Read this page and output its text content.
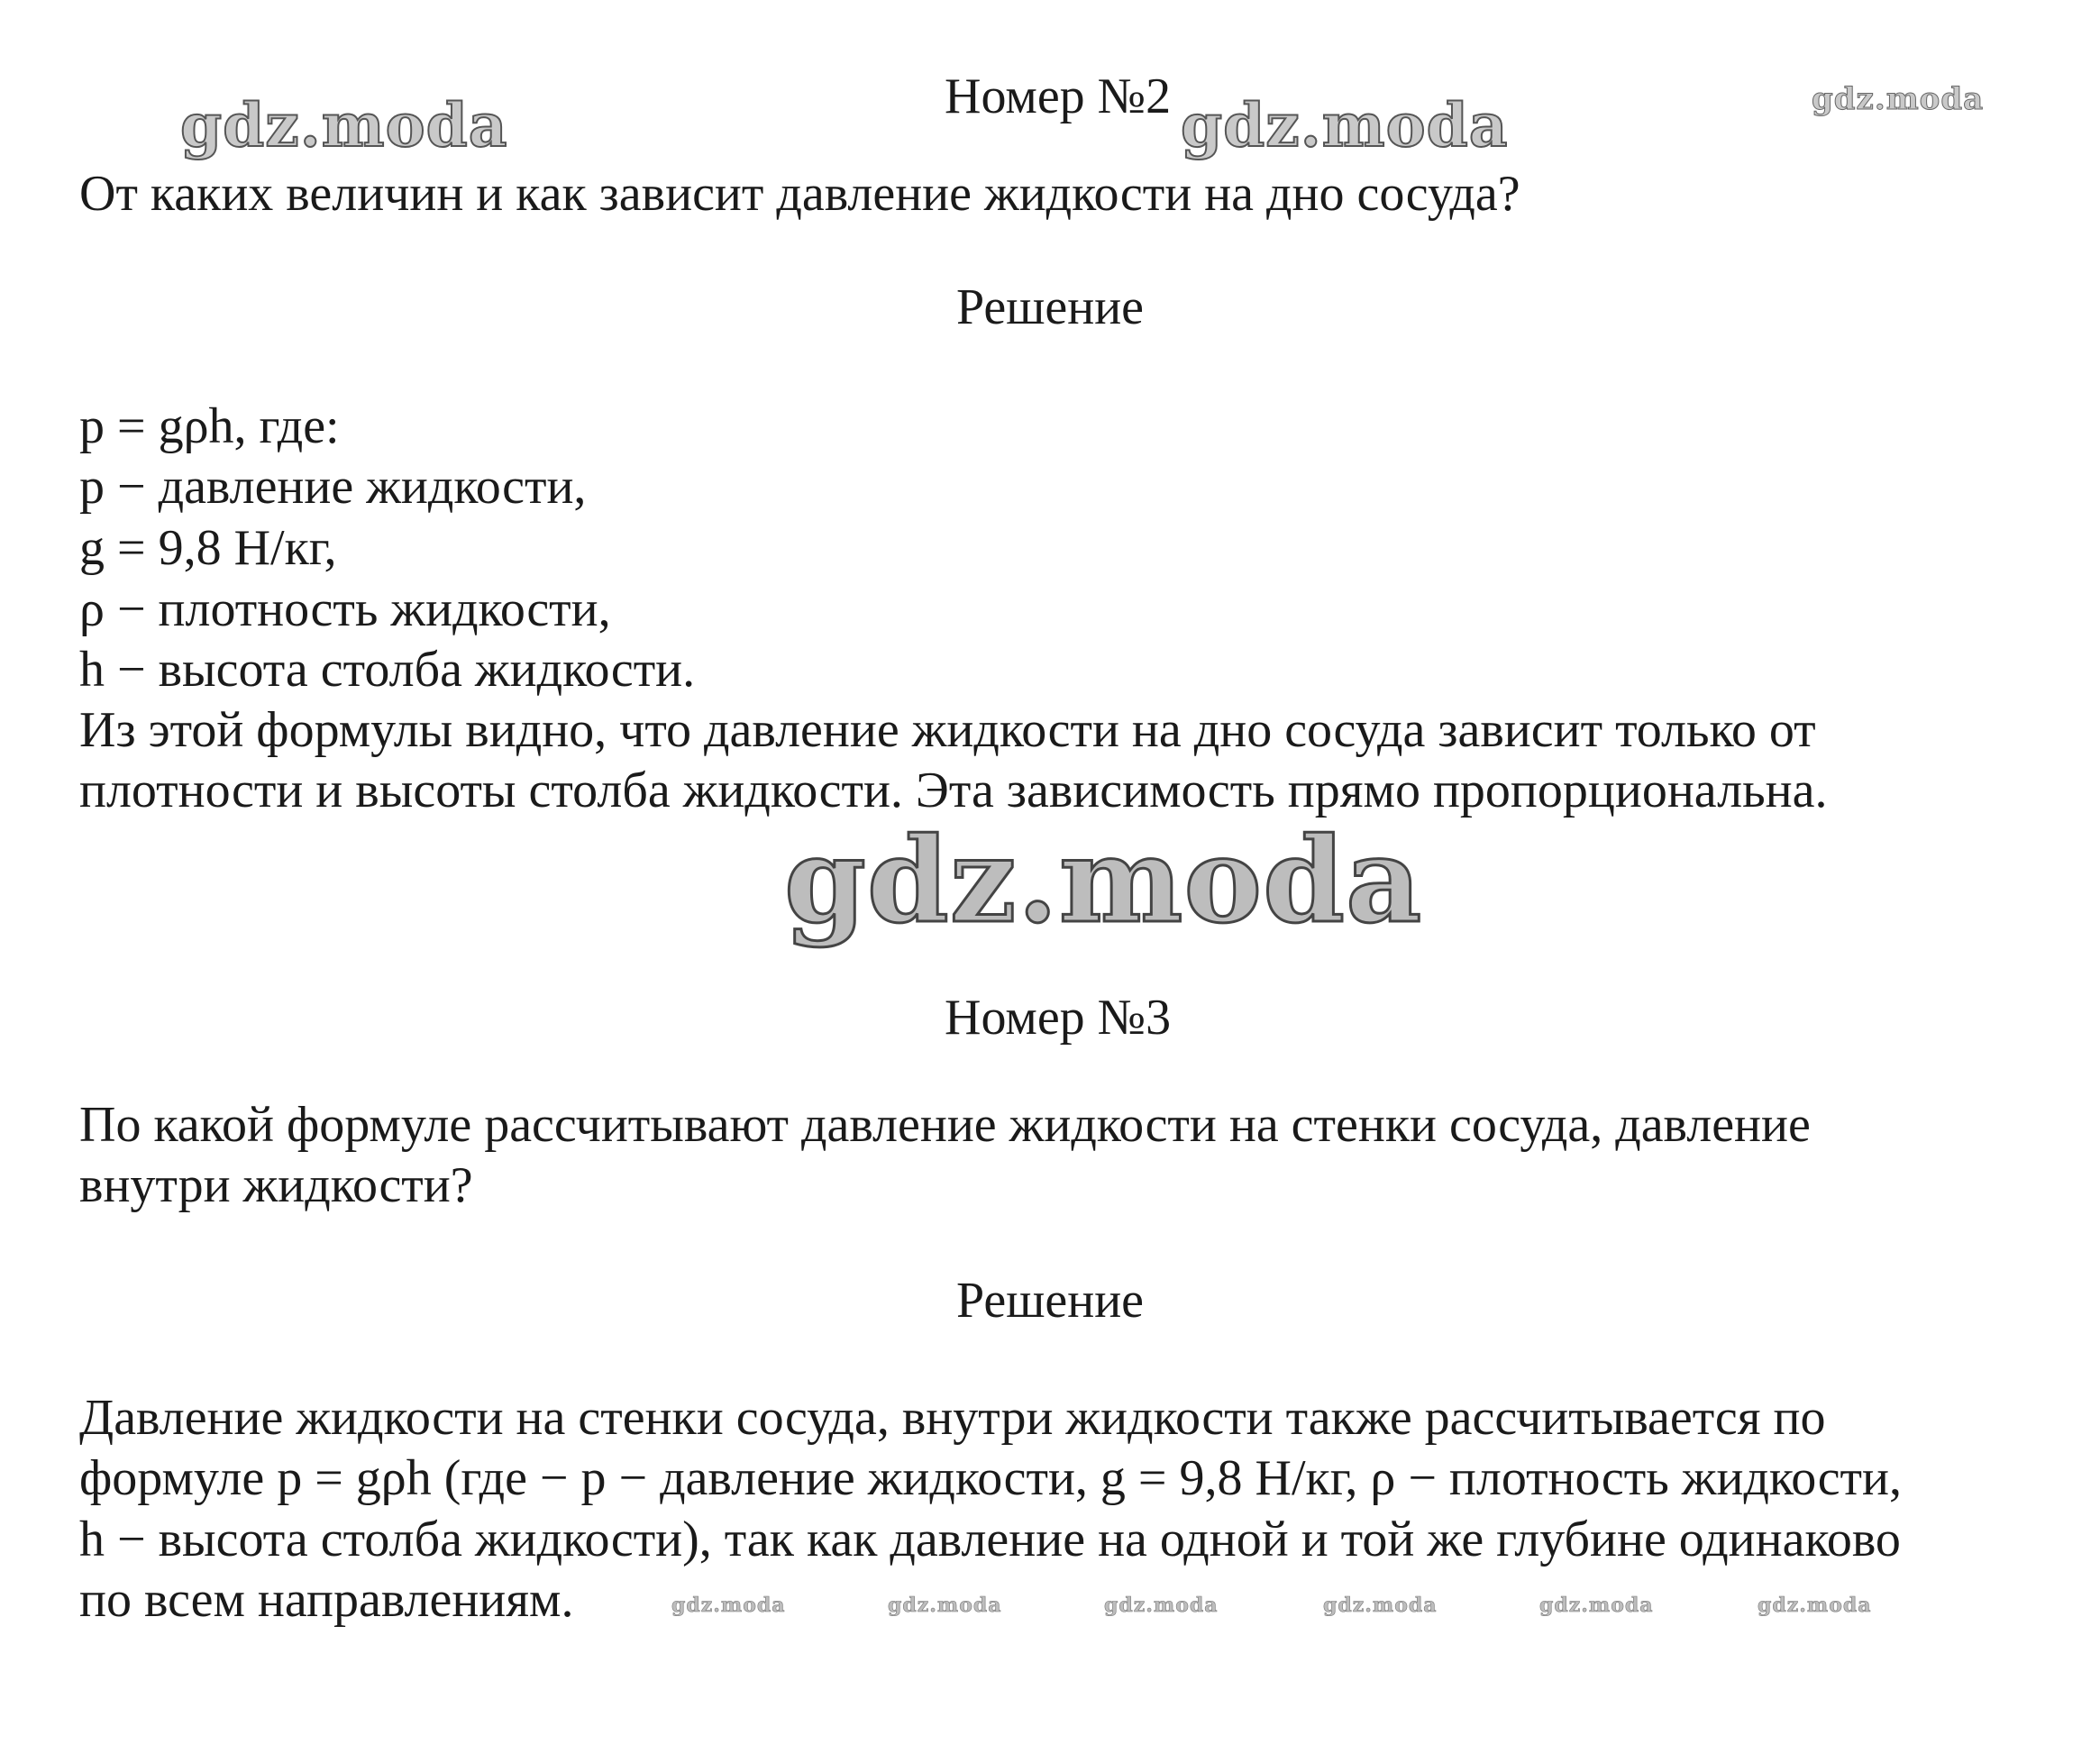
gdz.moda	gdz.moda	gdz.moda
gdz.moda
gdz.moda	gdz.moda	gdz.moda	gdz.moda	gdz.moda	gdz.moda
Номер №2
От каких величин и как зависит давление жидкости на дно сосуда?
Решение
p = gρh, где:
p − давление жидкости,
g = 9,8 Н/кг,
ρ − плотность жидкости,
h − высота столба жидкости.
Из этой формулы видно, что давление жидкости на дно сосуда зависит только от
плотности и высоты столба жидкости. Эта зависимость прямо пропорциональна.
Номер №3
По какой формуле рассчитывают давление жидкости на стенки сосуда, давление
внутри жидкости?
Решение
Давление жидкости на стенки сосуда, внутри жидкости также рассчитывается по
формуле p = gρh (где − p − давление жидкости, g = 9,8 Н/кг, ρ − плотность жидкости,
h − высота столба жидкости), так как давление на одной и той же глубине одинаково
по всем направлениям.
